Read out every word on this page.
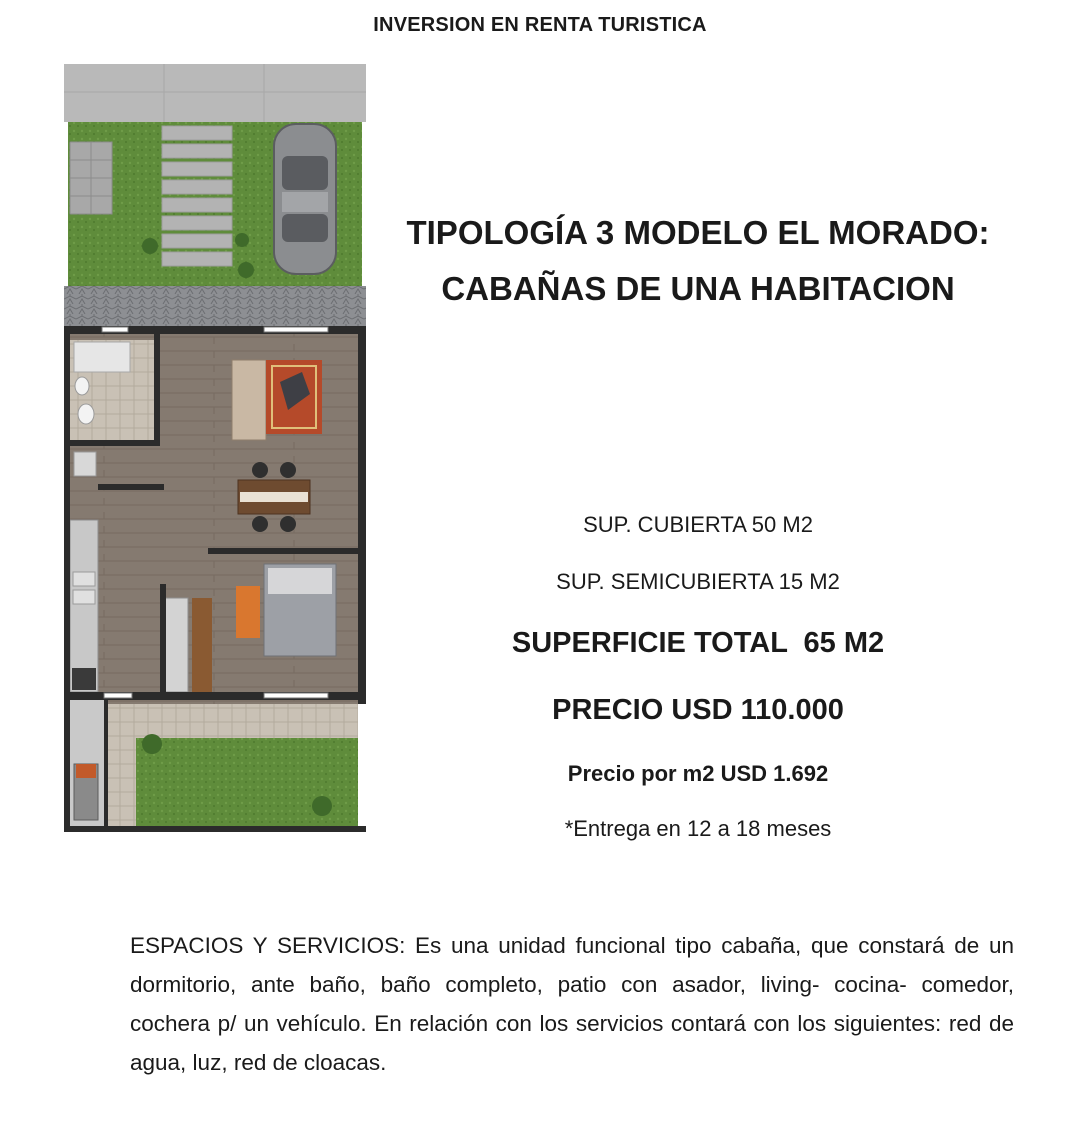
INVERSION EN RENTA TURISTICA
TIPOLOGÍA 3 MODELO EL MORADO:
CABAÑAS DE UNA HABITACION
SUP. CUBIERTA 50 M2
SUP. SEMICUBIERTA 15 M2
SUPERFICIE TOTAL  65 M2
PRECIO USD 110.000
Precio por m2 USD 1.692
*Entrega en 12 a 18 meses
ESPACIOS Y SERVICIOS: Es una unidad funcional tipo cabaña, que constará de un dormitorio, ante baño, baño completo, patio con asador, living- cocina- comedor, cochera p/ un vehículo. En relación con los servicios contará con los siguientes: red de agua, luz, red de cloacas.
